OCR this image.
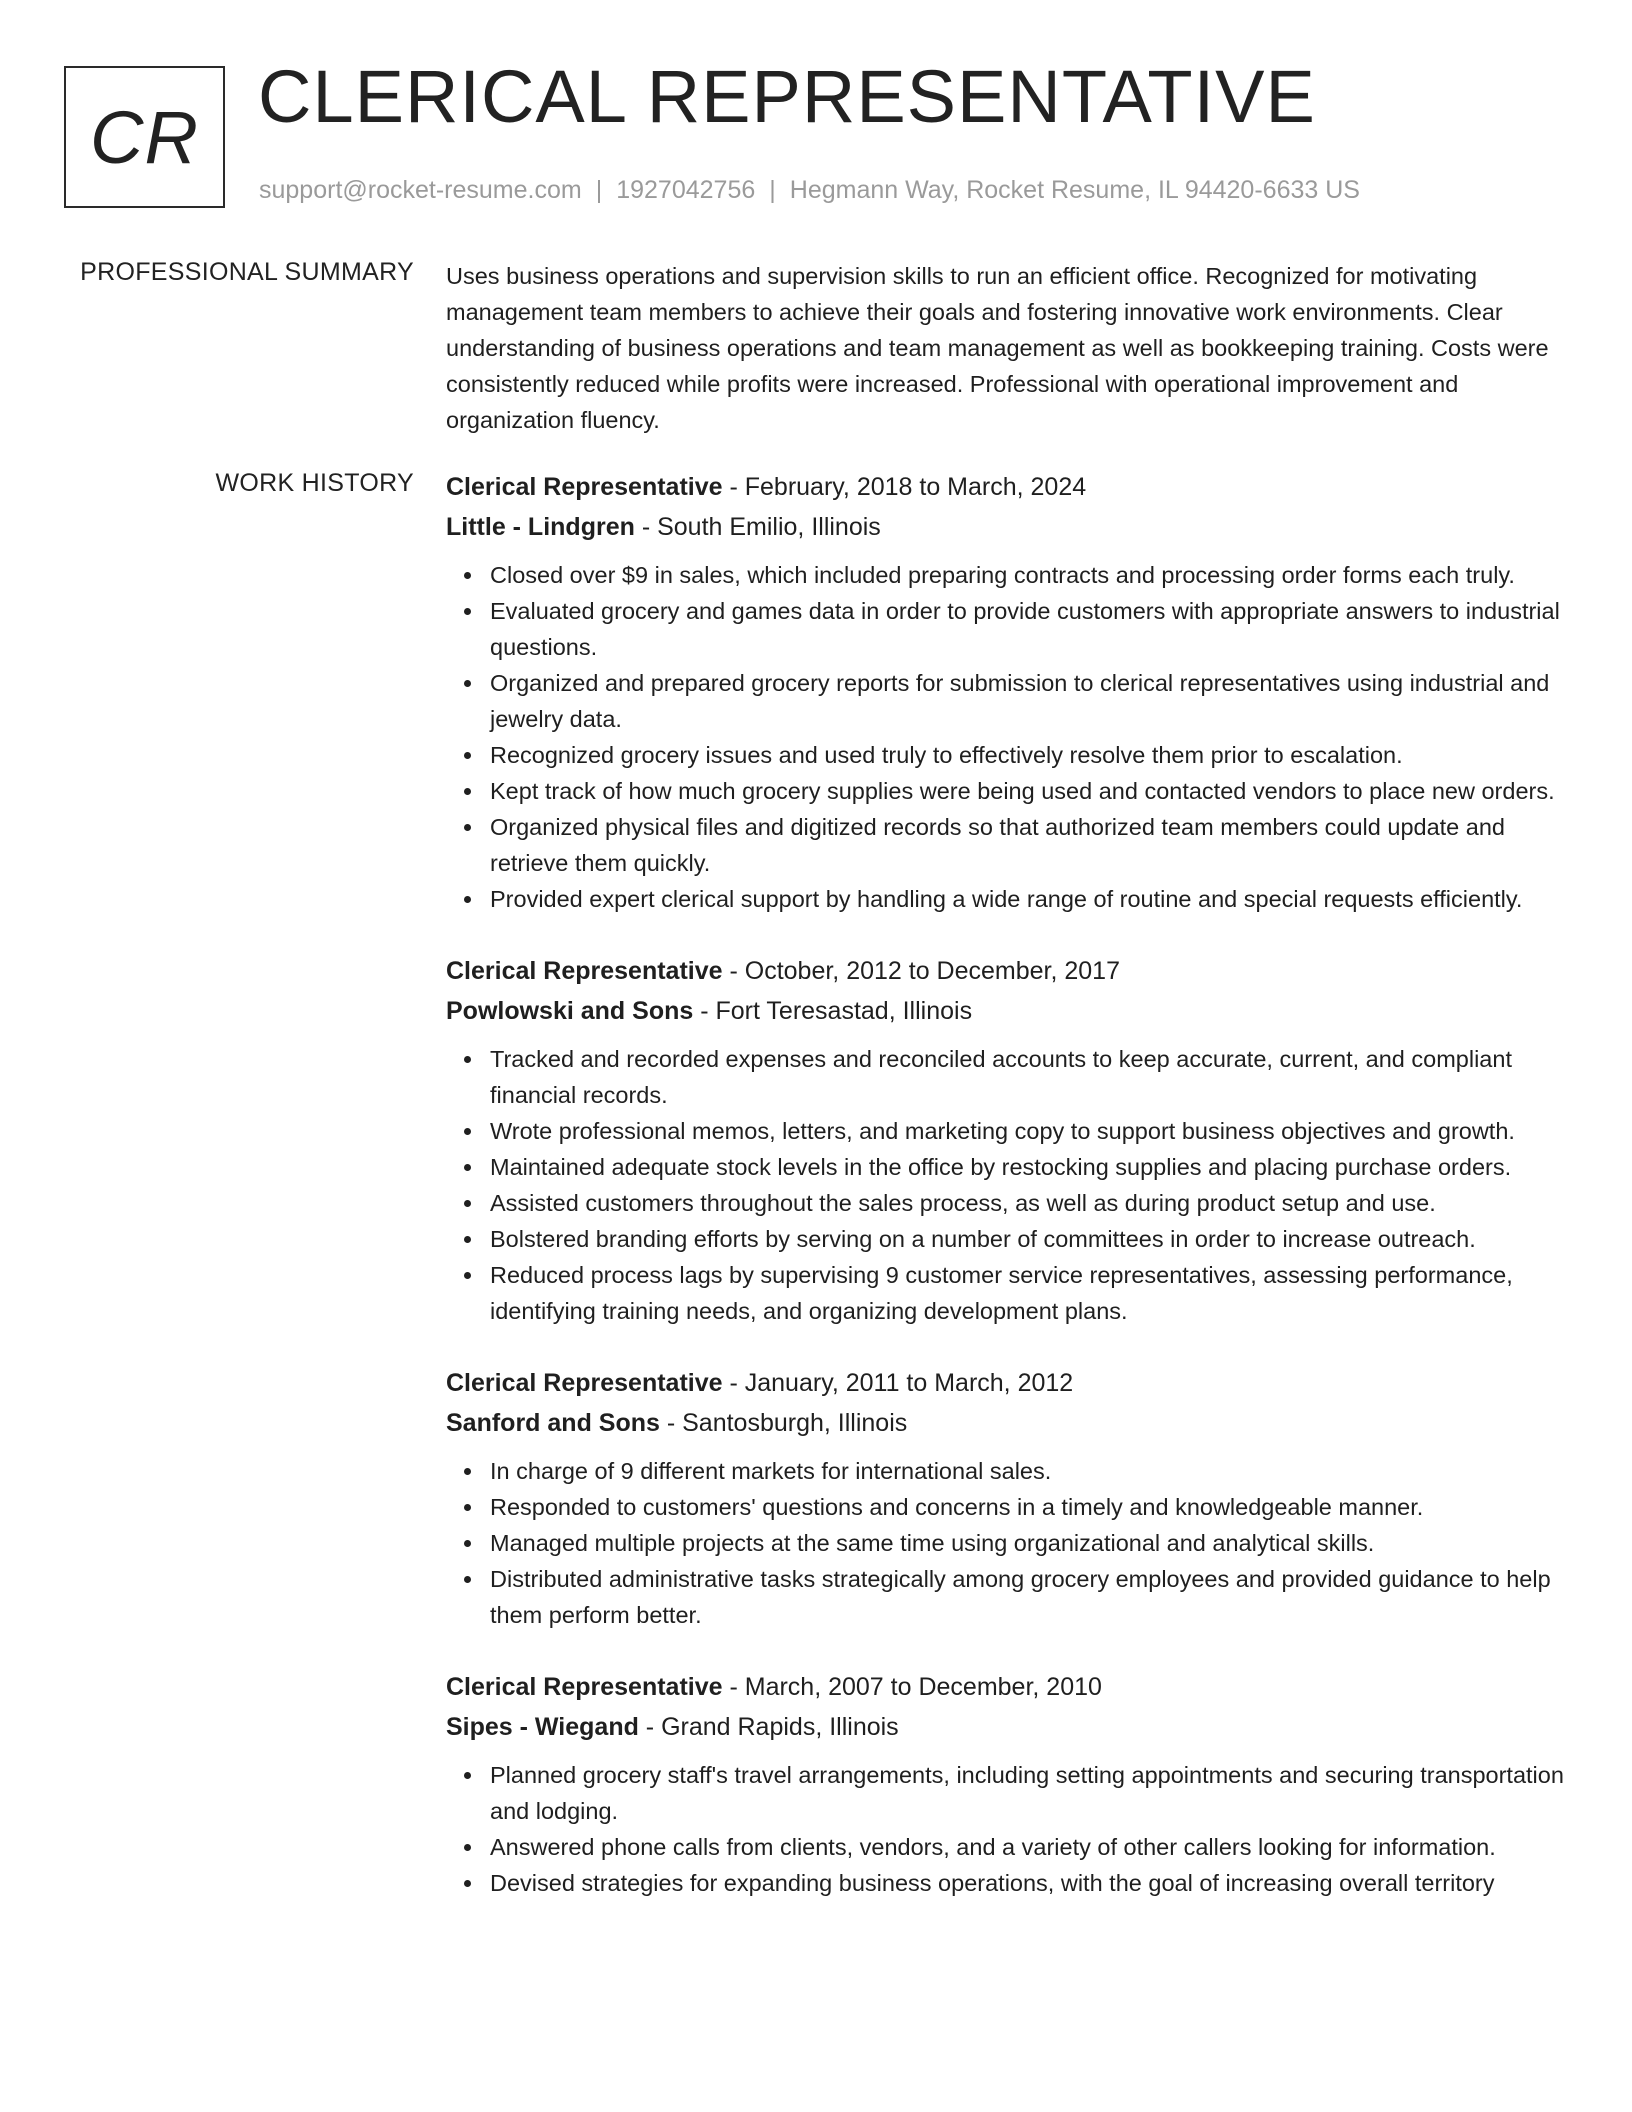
CR CLERICAL REPRESENTATIVE
support@rocket-resume.com | 1927042756 | Hegmann Way, Rocket Resume, IL 94420-6633 US
PROFESSIONAL SUMMARY Uses business operations and supervision skills to run an efficient office. Recognized for motivating management team members to achieve their goals and fostering innovative work environments. Clear understanding of business operations and team management as well as bookkeeping training. Costs were consistently reduced while profits were increased. Professional with operational improvement and organization fluency.

WORK HISTORY Clerical Representative - February, 2018 to March, 2024
Little - Lindgren - South Emilio, Illinois
Closed over $9 in sales, which included preparing contracts and processing order forms each truly.
Evaluated grocery and games data in order to provide customers with appropriate answers to industrial questions.
Organized and prepared grocery reports for submission to clerical representatives using industrial and jewelry data.
Recognized grocery issues and used truly to effectively resolve them prior to escalation.
Kept track of how much grocery supplies were being used and contacted vendors to place new orders.
Organized physical files and digitized records so that authorized team members could update and retrieve them quickly.
Provided expert clerical support by handling a wide range of routine and special requests efficiently.
Clerical Representative - October, 2012 to December, 2017
Powlowski and Sons - Fort Teresastad, Illinois
Tracked and recorded expenses and reconciled accounts to keep accurate, current, and compliant financial records.
Wrote professional memos, letters, and marketing copy to support business objectives and growth.
Maintained adequate stock levels in the office by restocking supplies and placing purchase orders.
Assisted customers throughout the sales process, as well as during product setup and use.
Bolstered branding efforts by serving on a number of committees in order to increase outreach.
Reduced process lags by supervising 9 customer service representatives, assessing performance, identifying training needs, and organizing development plans.
Clerical Representative - January, 2011 to March, 2012
Sanford and Sons - Santosburgh, Illinois
In charge of 9 different markets for international sales.
Responded to customers' questions and concerns in a timely and knowledgeable manner.
Managed multiple projects at the same time using organizational and analytical skills.
Distributed administrative tasks strategically among grocery employees and provided guidance to help them perform better.
Clerical Representative - March, 2007 to December, 2010
Sipes - Wiegand - Grand Rapids, Illinois
Planned grocery staff's travel arrangements, including setting appointments and securing transportation and lodging.
Answered phone calls from clients, vendors, and a variety of other callers looking for information.
Devised strategies for expanding business operations, with the goal of increasing overall territory
